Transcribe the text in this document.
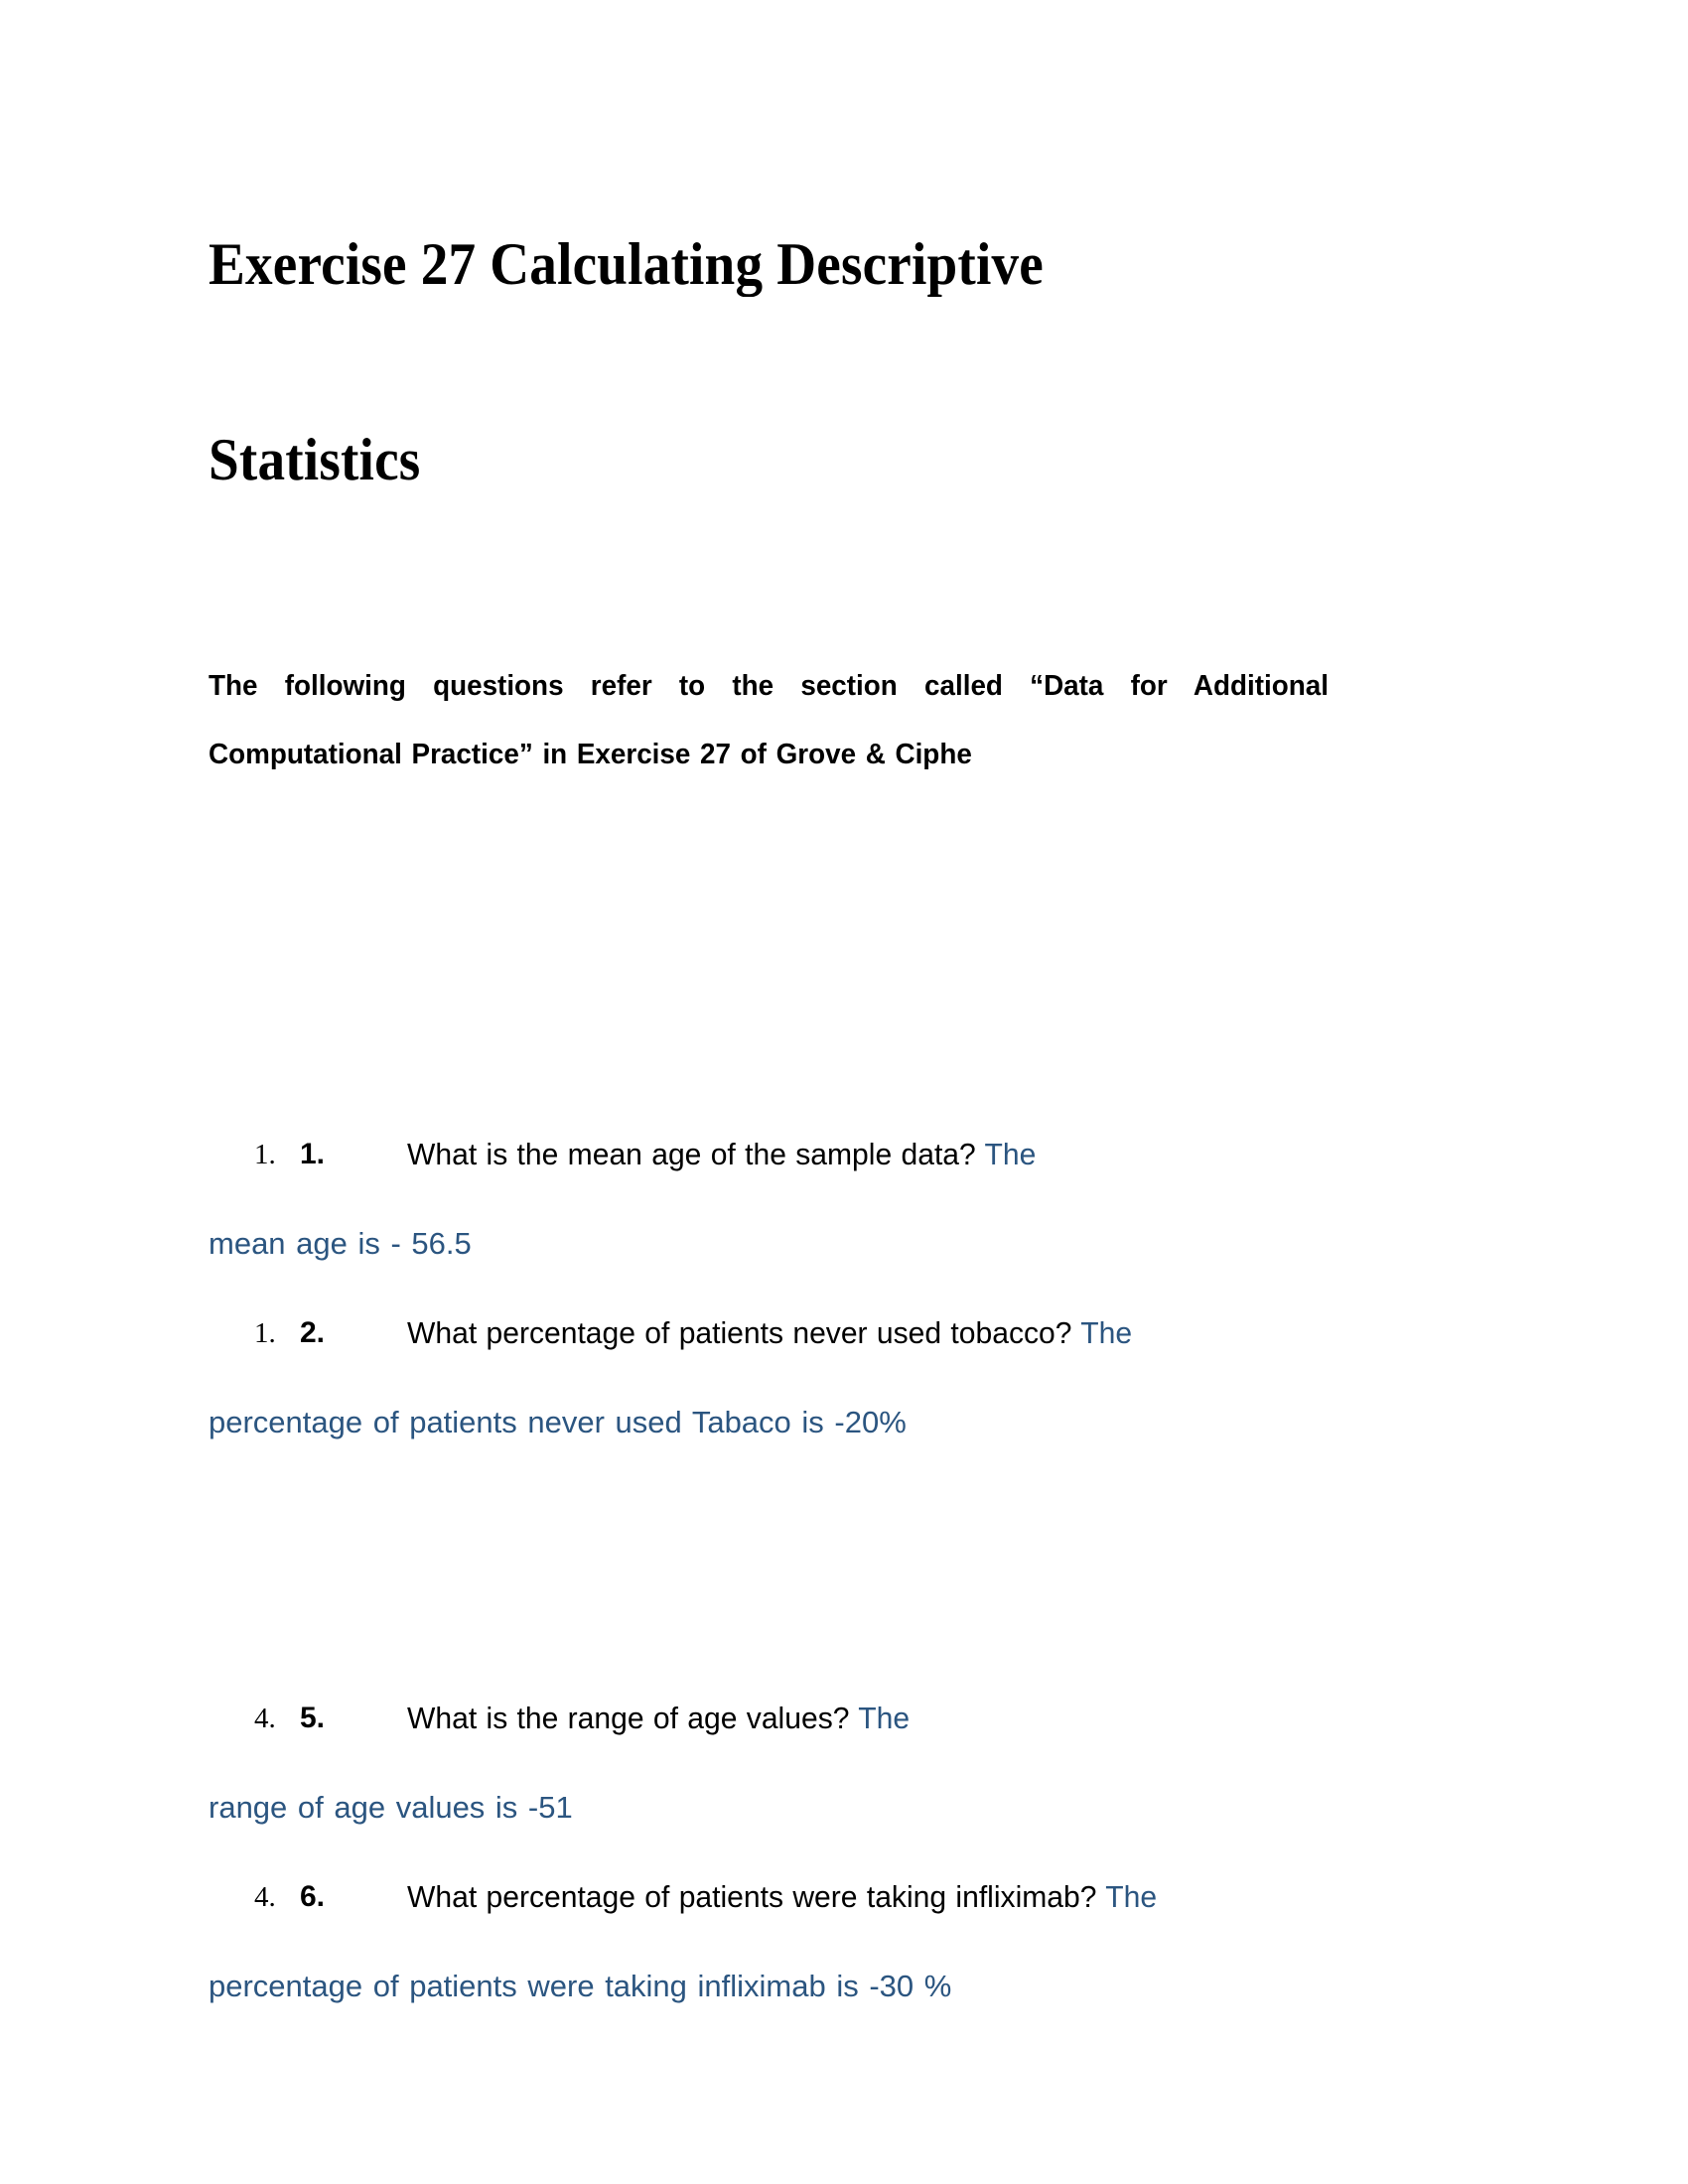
Exercise 27 Calculating Descriptive
Statistics

The following questions refer to the section called “Data for Additional Computational Practice” in Exercise 27 of Grove & Ciphe

1. 1.	What is the mean age of the sample data? The
mean age is - 56.5
1. 2.	What percentage of patients never used tobacco? The
percentage of patients never used Tabaco is -20%
4. 5.	What is the range of age values? The
range of age values is -51
4. 6.	What percentage of patients were taking infliximab? The
percentage of patients were taking infliximab is -30 %
